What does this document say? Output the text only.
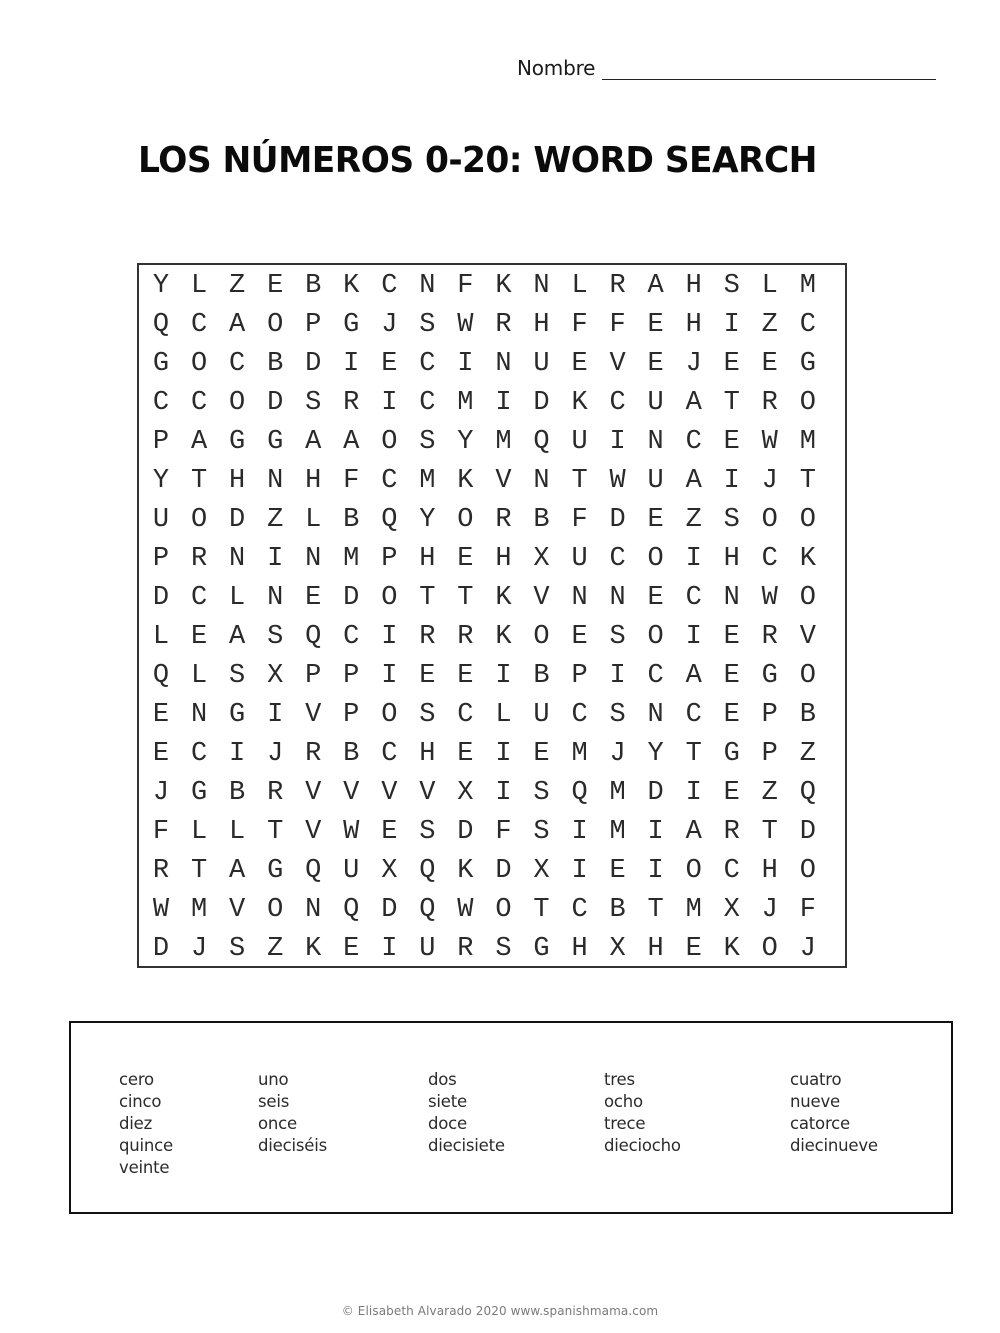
Nombre
LOS NÚMEROS 0-20: WORD SEARCH
Y L Z E B K C N F K N L R A H S L M
Q C A O P G J S W R H F F E H I Z C
G O C B D I E C I N U E V E J E E G
C C O D S R I C M I D K C U A T R O
P A G G A A O S Y M Q U I N C E W M
Y T H N H F C M K V N T W U A I J T
U O D Z L B Q Y O R B F D E Z S O O
P R N I N M P H E H X U C O I H C K
D C L N E D O T T K V N N E C N W O
L E A S Q C I R R K O E S O I E R V
Q L S X P P I E E I B P I C A E G O
E N G I V P O S C L U C S N C E P B
E C I J R B C H E I E M J Y T G P Z
J G B R V V V V X I S Q M D I E Z Q
F L L T V W E S D F S I M I A R T D
R T A G Q U X Q K D X I E I O C H O
W M V O N Q D Q W O T C B T M X J F
D J S Z K E I U R S G H X H E K O J
cero
cinco
diez
quince
veinte
uno
seis
once
dieciséis
dos
siete
doce
diecisiete
tres
ocho
trece
dieciocho
cuatro
nueve
catorce
diecinueve
© Elisabeth Alvarado 2020 www.spanishmama.com
